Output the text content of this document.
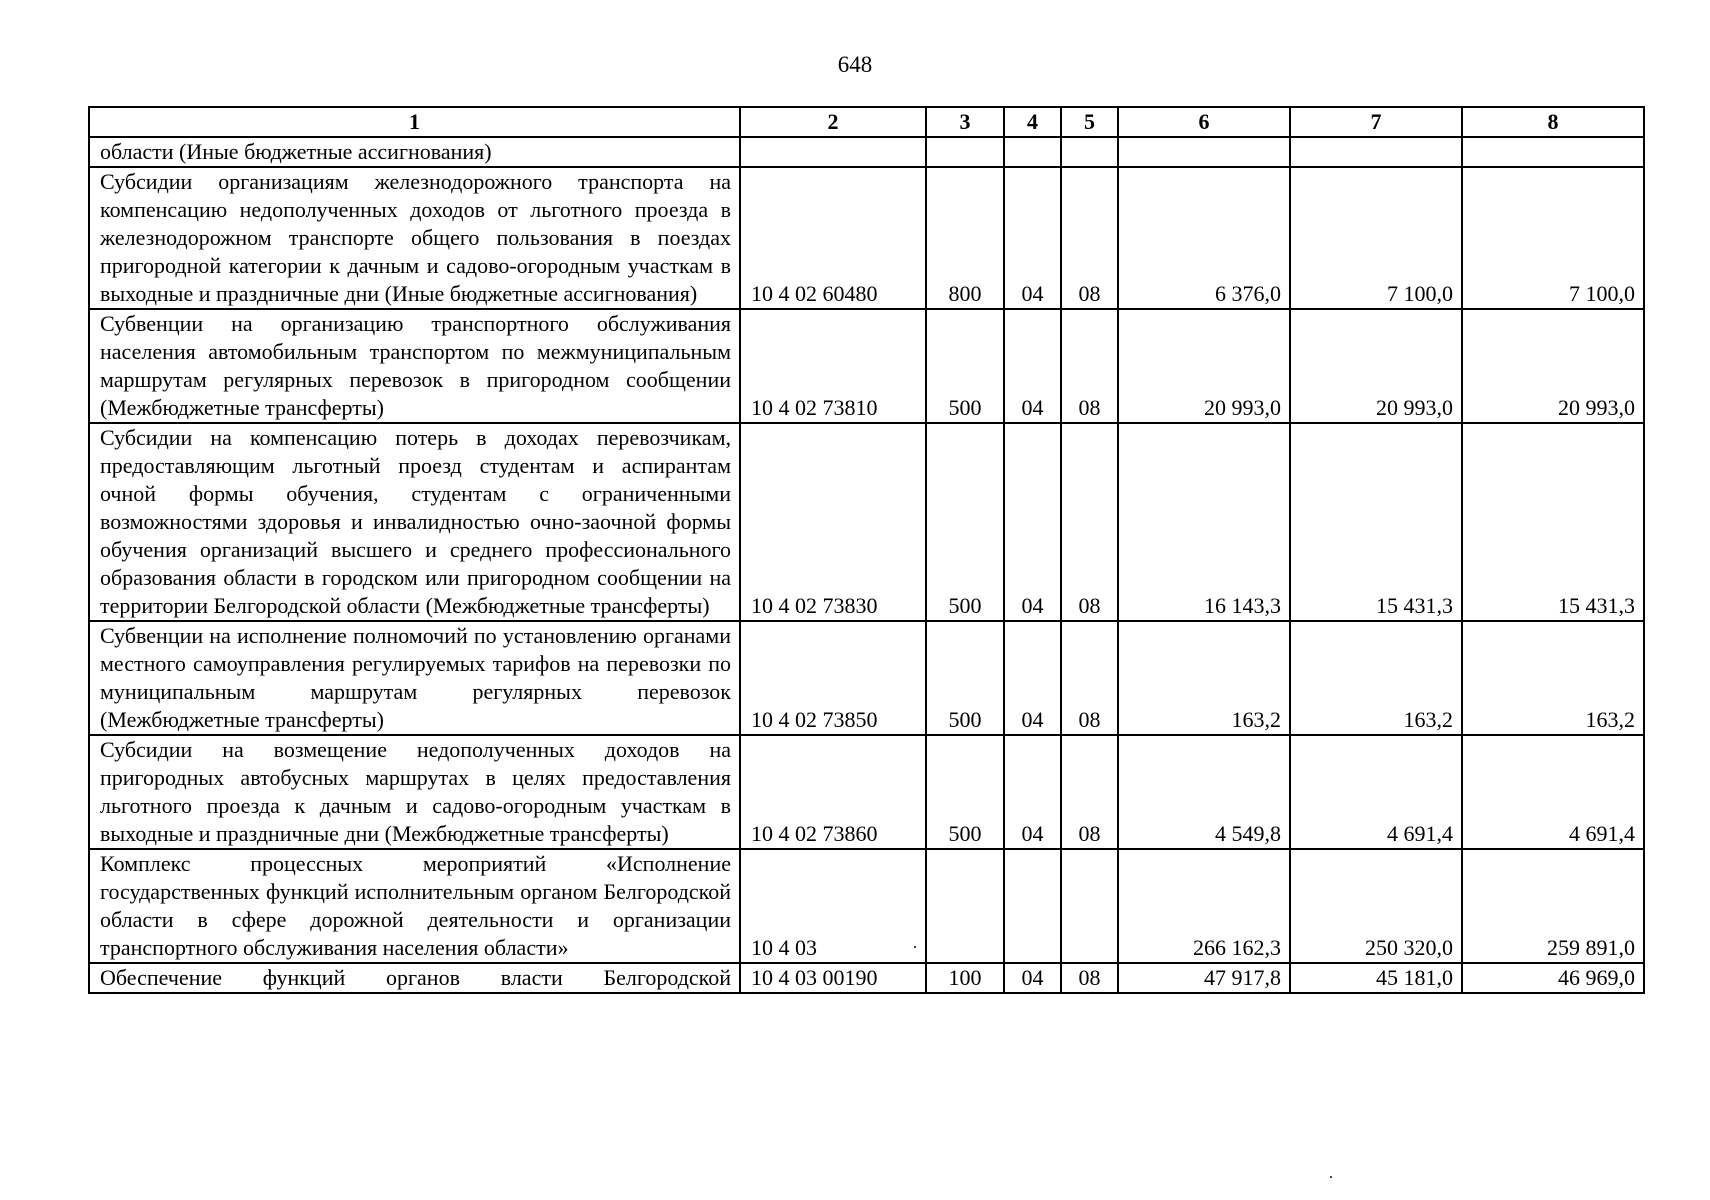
648
1	2	3	4	5	6	7	8
области (Иные бюджетные ассигнования)							
Субсидии организациям железнодорожного транспорта на компенсацию недополученных доходов от льготного проезда в железнодорожном транспорте общего пользования в поездах пригородной категории к дачным и садово-огородным участкам в выходные и праздничные дни (Иные бюджетные ассигнования)	10 4 02 60480	800	04	08	6 376,0	7 100,0	7 100,0
Субвенции на организацию транспортного обслуживания населения автомобильным транспортом по межмуниципальным маршрутам регулярных перевозок в пригородном сообщении (Межбюджетные трансферты)	10 4 02 73810	500	04	08	20 993,0	20 993,0	20 993,0
Субсидии на компенсацию потерь в доходах перевозчикам, предоставляющим льготный проезд студентам и аспирантам очной формы обучения, студентам с ограниченными возможностями здоровья и инвалидностью очно-заочной формы обучения организаций высшего и среднего профессионального образования области в городском или пригородном сообщении на территории Белгородской области (Межбюджетные трансферты)	10 4 02 73830	500	04	08	16 143,3	15 431,3	15 431,3
Субвенции на исполнение полномочий по установлению органами местного самоуправления регулируемых тарифов на перевозки по муниципальным маршрутам регулярных перевозок (Межбюджетные трансферты)	10 4 02 73850	500	04	08	163,2	163,2	163,2
Субсидии на возмещение недополученных доходов на пригородных автобусных маршрутах в целях предоставления льготного проезда к дачным и садово-огородным участкам в выходные и праздничные дни (Межбюджетные трансферты)	10 4 02 73860	500	04	08	4 549,8	4 691,4	4 691,4
Комплекс процессных мероприятий «Исполнение государственных функций исполнительным органом Белгородской области в сфере дорожной деятельности и организации транспортного обслуживания населения области»	10 4 03				266 162,3	250 320,0	259 891,0
Обеспечение функций органов власти Белгородской	10 4 03 00190	100	04	08	47 917,8	45 181,0	46 969,0
